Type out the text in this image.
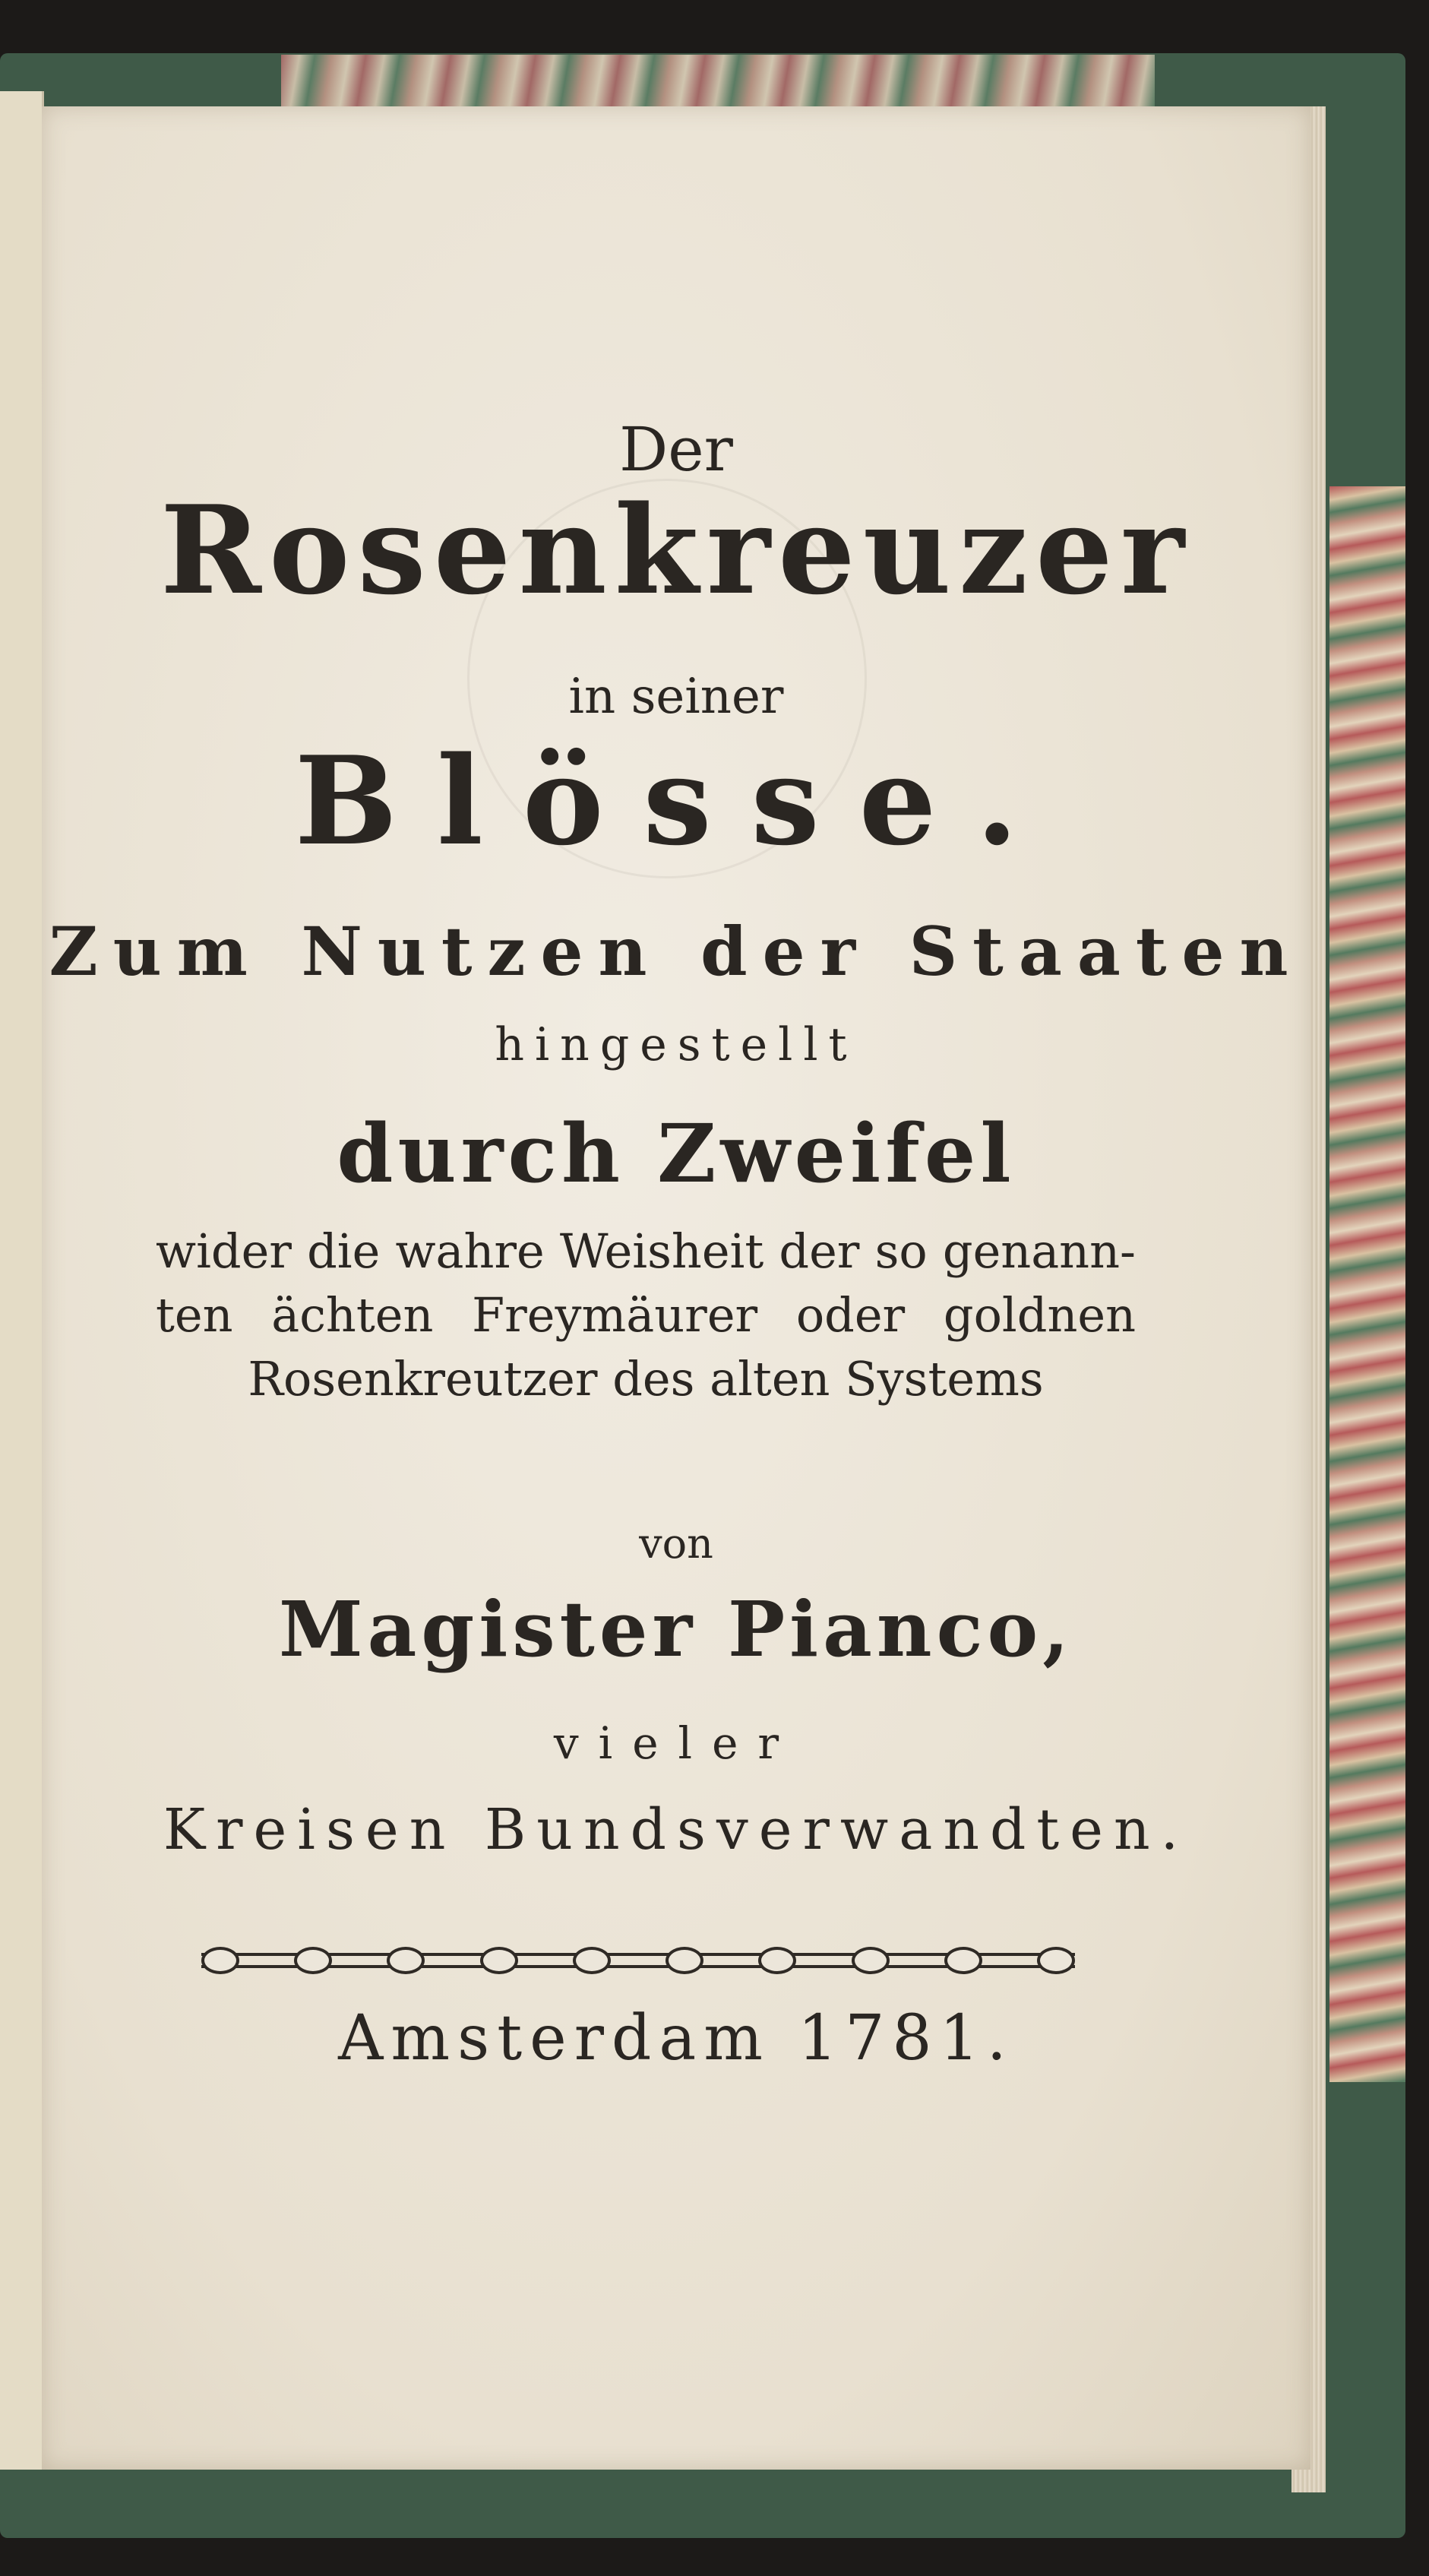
Der
Rosenkreuzer
in seiner
Blösse.
Zum Nutzen der Staaten
hingestellt
durch Zweifel
wider die wahre Weisheit der so genann- ten ächten Freymäurer oder goldnen Rosenkreutzer des alten Systems
von
Magister Pianco,
vieler
Kreisen Bundsverwandten.
Amsterdam 1781.
